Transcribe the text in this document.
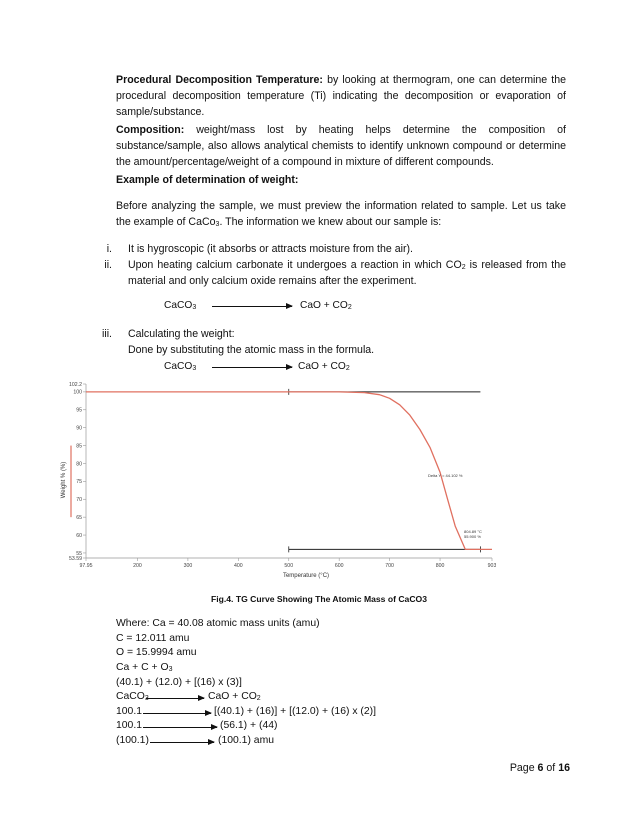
Procedural Decomposition Temperature: by looking at thermogram, one can determine the procedural decomposition temperature (Ti) indicating the decomposition or evaporation of sample/substance.
Composition: weight/mass lost by heating helps determine the composition of substance/sample, also allows analytical chemists to identify unknown compound or determine the amount/percentage/weight of a compound in mixture of different compounds.
Example of determination of weight:
Before analyzing the sample, we must preview the information related to sample. Let us take the example of CaCo$_3$. The information we knew about our sample is:
i. It is hygroscopic (it absorbs or attracts moisture from the air).
ii. Upon heating calcium carbonate it undergoes a reaction in which $CO_2$ is released from the material and only calcium oxide remains after the experiment.
CaCO$_3$	CaO + $CO_2$
iii. Calculating the weight:
Done by substituting the atomic mass in the formula.
CaCO$_3$	CaO + $CO_2$
97.95	200	300	400	500	600	700	800	903
102.2
100
95
90
85
80
75
70
65
60
55
53.59
Temperature (°C)
Weight % (%)	Delta Y = 44.102 %
804.89 °C
55.900 %
Fig.4. TG Curve Showing The Atomic Mass of CaCO3
Where: Ca = 40.08 atomic mass units (amu)
C = 12.011 amu
O = 15.9994 amu
$Ca + C + O_3$
(40.1) + (12.0) + [(16) x (3)]
CaCO$_3$	CaO + $CO_2$
100.1	[(40.1) + (16)] + [(12.0) + (16) x (2)]
100.1	(56.1) + (44)
(100.1)	(100.1) amu
Page 6 of 16
